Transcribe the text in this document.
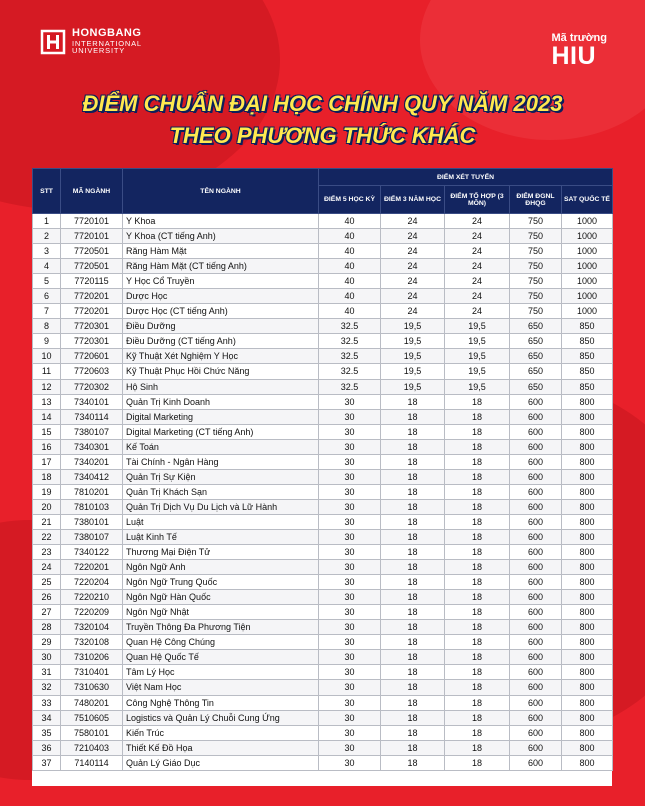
HONGBANG
INTERNATIONAL
UNIVERSITY
Mã trường
HIU
ĐIỂM CHUẨN ĐẠI HỌC CHÍNH QUY NĂM 2023
THEO PHƯƠNG THỨC KHÁC
STT	MÃ NGÀNH	TÊN NGÀNH	ĐIỂM XÉT TUYỂN				
			ĐIỂM 5 HỌC KỲ	ĐIỂM 3 NĂM HỌC	ĐIỂM TỔ HỢP (3 MÔN)	ĐIỂM ĐGNL ĐHQG	SAT QUỐC TẾ
1	7720101	Y Khoa	40	24	24	750	1000
2	7720101	Y Khoa (CT tiếng Anh)	40	24	24	750	1000
3	7720501	Răng Hàm Mặt	40	24	24	750	1000
4	7720501	Răng Hàm Mặt (CT tiếng Anh)	40	24	24	750	1000
5	7720115	Y Học Cổ Truyền	40	24	24	750	1000
6	7720201	Dược Học	40	24	24	750	1000
7	7720201	Dược Học (CT tiếng Anh)	40	24	24	750	1000
8	7720301	Điều Dưỡng	32.5	19,5	19,5	650	850
9	7720301	Điều Dưỡng (CT tiếng Anh)	32.5	19,5	19,5	650	850
10	7720601	Kỹ Thuật Xét Nghiệm Y Học	32.5	19,5	19,5	650	850
11	7720603	Kỹ Thuật Phục Hồi Chức Năng	32.5	19,5	19,5	650	850
12	7720302	Hộ Sinh	32.5	19,5	19,5	650	850
13	7340101	Quản Trị Kinh Doanh	30	18	18	600	800
14	7340114	Digital Marketing	30	18	18	600	800
15	7380107	Digital Marketing (CT tiếng Anh)	30	18	18	600	800
16	7340301	Kế Toán	30	18	18	600	800
17	7340201	Tài Chính - Ngân Hàng	30	18	18	600	800
18	7340412	Quản Trị Sự Kiện	30	18	18	600	800
19	7810201	Quản Trị Khách Sạn	30	18	18	600	800
20	7810103	Quản Trị Dịch Vụ Du Lịch và Lữ Hành	30	18	18	600	800
21	7380101	Luật	30	18	18	600	800
22	7380107	Luật Kinh Tế	30	18	18	600	800
23	7340122	Thương Mại Điện Tử	30	18	18	600	800
24	7220201	Ngôn Ngữ Anh	30	18	18	600	800
25	7220204	Ngôn Ngữ Trung Quốc	30	18	18	600	800
26	7220210	Ngôn Ngữ Hàn Quốc	30	18	18	600	800
27	7220209	Ngôn Ngữ Nhật	30	18	18	600	800
28	7320104	Truyền Thông Đa Phương Tiện	30	18	18	600	800
29	7320108	Quan Hệ Công Chúng	30	18	18	600	800
30	7310206	Quan Hệ Quốc Tế	30	18	18	600	800
31	7310401	Tâm Lý Học	30	18	18	600	800
32	7310630	Việt Nam Học	30	18	18	600	800
33	7480201	Công Nghệ Thông Tin	30	18	18	600	800
34	7510605	Logistics và Quản Lý Chuỗi Cung Ứng	30	18	18	600	800
35	7580101	Kiến Trúc	30	18	18	600	800
36	7210403	Thiết Kế Đồ Họa	30	18	18	600	800
37	7140114	Quản Lý Giáo Dục	30	18	18	600	800
